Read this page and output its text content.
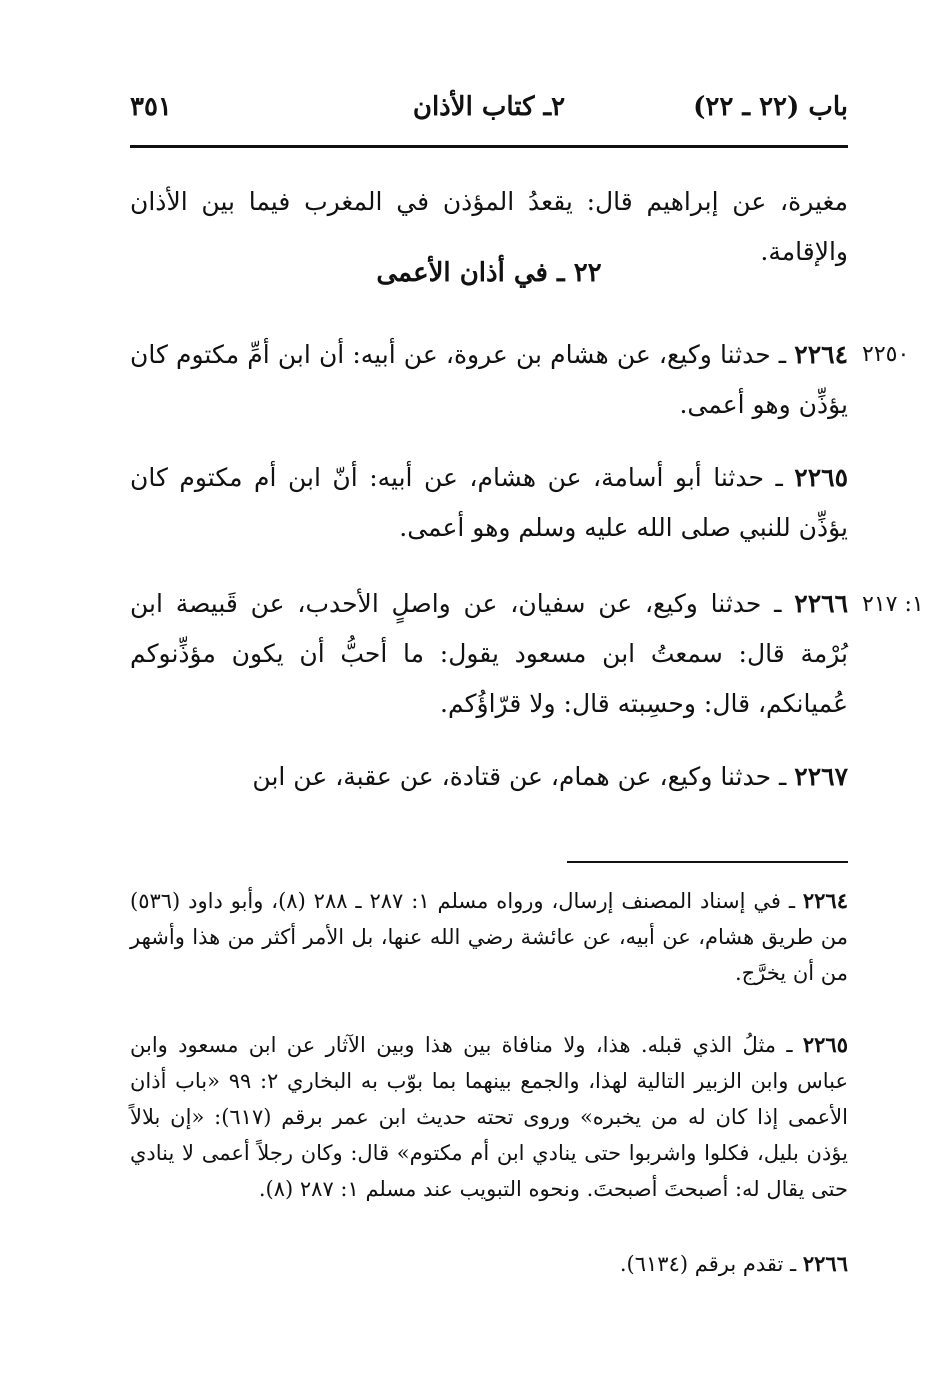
باب (٢٢ ـ ٢٢)
٢ـ كتاب الأذان
٣٥١
مغيرة، عن إبراهيم قال: يقعدُ المؤذن في المغرب فيما بين الأذان والإقامة.
٢٢ ـ في أذان الأعمى
٢٢٥٠
٢٢٦٤ ـ حدثنا وكيع، عن هشام بن عروة، عن أبيه: أن ابن أمِّ مكتوم كان يؤذِّن وهو أعمى.
٢٢٦٥ ـ حدثنا أبو أسامة، عن هشام، عن أبيه: أنّ ابن أم مكتوم كان يؤذِّن للنبي صلى الله عليه وسلم وهو أعمى.
١: ٢١٧
٢٢٦٦ ـ حدثنا وكيع، عن سفيان، عن واصلٍ الأحدب، عن قَبيصة ابن بُرْمة قال: سمعتُ ابن مسعود يقول: ما أحبُّ أن يكون مؤذِّنوكم عُميانكم، قال: وحسِبته قال: ولا قرّاؤُكم.
٢٢٦٧ ـ حدثنا وكيع، عن همام، عن قتادة، عن عقبة، عن ابن
٢٢٦٤ ـ في إسناد المصنف إرسال، ورواه مسلم ١: ٢٨٧ ـ ٢٨٨ (٨)، وأبو داود (٥٣٦) من طريق هشام، عن أبيه، عن عائشة رضي الله عنها، بل الأمر أكثر من هذا وأشهر من أن يخرَّج.
٢٢٦٥ ـ مثلُ الذي قبله. هذا، ولا منافاة بين هذا وبين الآثار عن ابن مسعود وابن عباس وابن الزبير التالية لهذا، والجمع بينهما بما بوّب به البخاري ٢: ٩٩ «باب أذان الأعمى إذا كان له من يخبره» وروى تحته حديث ابن عمر برقم (٦١٧): «إن بلالاً يؤذن بليل، فكلوا واشربوا حتى ينادي ابن أم مكتوم» قال: وكان رجلاً أعمى لا ينادي حتى يقال له: أصبحتَ أصبحتَ. ونحوه التبويب عند مسلم ١: ٢٨٧ (٨).
٢٢٦٦ ـ تقدم برقم (٦١٣٤).
